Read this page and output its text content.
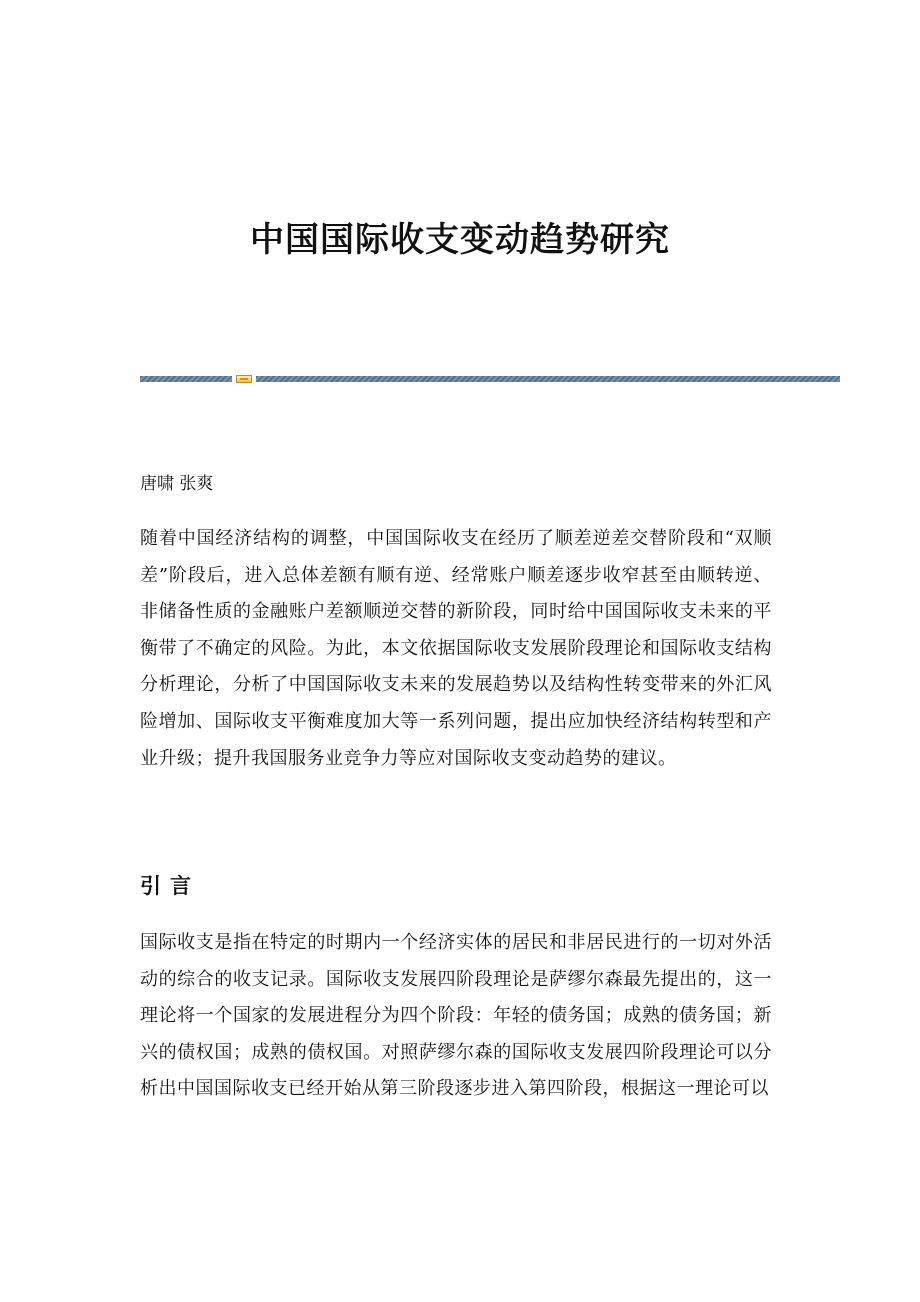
中国国际收支变动趋势研究
唐啸 张爽

随着中国经济结构的调整，中国国际收支在经历了顺差逆差交替阶段和“双顺差”阶段后，进入总体差额有顺有逆、经常账户顺差逐步收窄甚至由顺转逆、非储备性质的金融账户差额顺逆交替的新阶段，同时给中国国际收支未来的平衡带了不确定的风险。为此，本文依据国际收支发展阶段理论和国际收支结构分析理论，分析了中国国际收支未来的发展趋势以及结构性转变带来的外汇风险增加、国际收支平衡难度加大等一系列问题，提出应加快经济结构转型和产业升级；提升我国服务业竞争力等应对国际收支变动趋势的建议。

引言

国际收支是指在特定的时期内一个经济实体的居民和非居民进行的一切对外活动的综合的收支记录。国际收支发展四阶段理论是萨缪尔森最先提出的，这一理论将一个国家的发展进程分为四个阶段：年轻的债务国；成熟的债务国；新兴的债权国；成熟的债权国。对照萨缪尔森的国际收支发展四阶段理论可以分析出中国国际收支已经开始从第三阶段逐步进入第四阶段，根据这一理论可以
